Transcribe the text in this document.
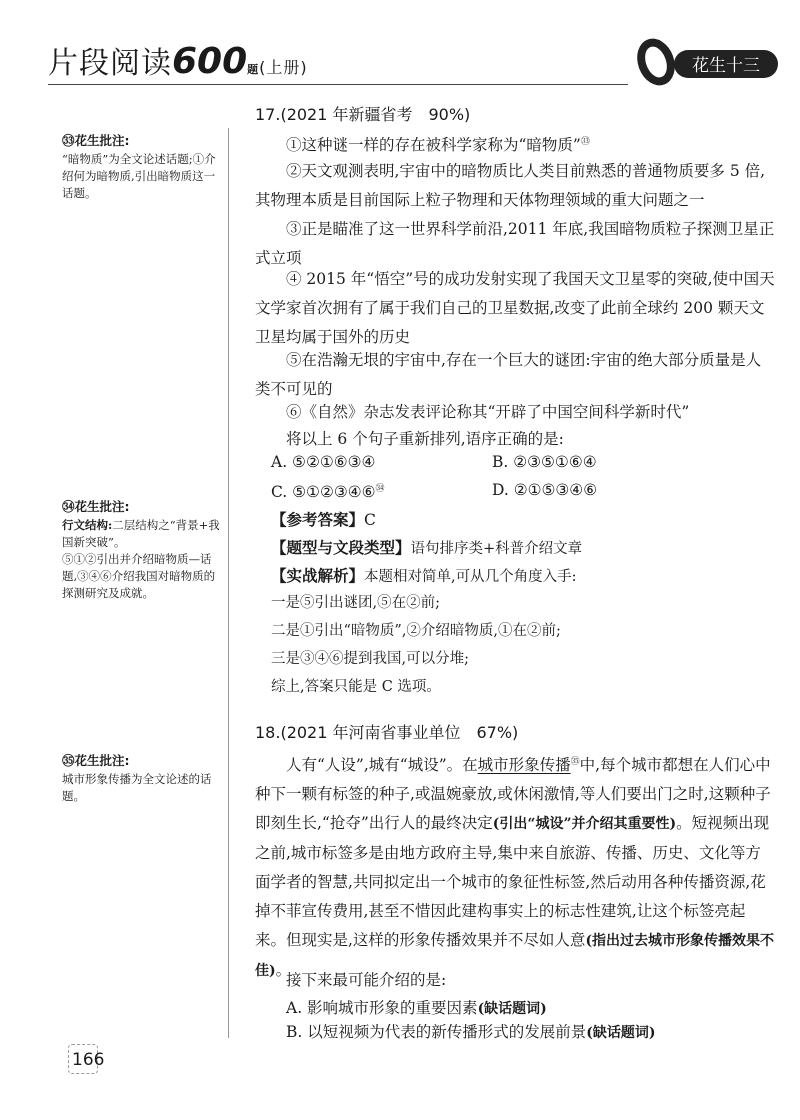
片段阅读600题(上册)	花生十三
17.(2021 年新疆省考　90%)
㉝花生批注:
“暗物质”为全文论述话题;①介绍何为暗物质,引出暗物质这一话题。
①这种谜一样的存在被科学家称为“暗物质”$^㉝$
②天文观测表明,宇宙中的暗物质比人类目前熟悉的普通物质要多 5 倍,其物理本质是目前国际上粒子物理和天体物理领域的重大问题之一
③正是瞄准了这一世界科学前沿,2011 年底,我国暗物质粒子探测卫星正式立项
④ 2015 年“悟空”号的成功发射实现了我国天文卫星零的突破,使中国天文学家首次拥有了属于我们自己的卫星数据,改变了此前全球约 200 颗天文卫星均属于国外的历史
⑤在浩瀚无垠的宇宙中,存在一个巨大的谜团:宇宙的绝大部分质量是人类不可见的
⑥《自然》杂志发表评论称其“开辟了中国空间科学新时代”
将以上 6 个句子重新排列,语序正确的是:
A. ⑤②①⑥③④	B. ②③⑤①⑥④
C. ⑤①②③④⑥$^㉞$	D. ②①⑤③④⑥
㉞花生批注:
行文结构:二层结构之“背景+我国新突破”。
⑤①②引出并介绍暗物质—话题,③④⑥介绍我国对暗物质的探测研究及成就。
【参考答案】C
【题型与文段类型】语句排序类+科普介绍文章
【实战解析】本题相对简单,可从几个角度入手:
一是⑤引出谜团,⑤在②前;
二是①引出“暗物质”,②介绍暗物质,①在②前;
三是③④⑥提到我国,可以分堆;
综上,答案只能是 C 选项。
18.(2021 年河南省事业单位　67%)
㉟花生批注:
城市形象传播为全文论述的话题。
人有“人设”,城有“城设”。在城市形象传播$^㉟$中,每个城市都想在人们心中种下一颗有标签的种子,或温婉豪放,或休闲激情,等人们要出门之时,这颗种子即刻生长,“抢夺”出行人的最终决定(引出“城设”并介绍其重要性)。短视频出现之前,城市标签多是由地方政府主导,集中来自旅游、传播、历史、文化等方面学者的智慧,共同拟定出一个城市的象征性标签,然后动用各种传播资源,花掉不菲宣传费用,甚至不惜因此建构事实上的标志性建筑,让这个标签亮起来。但现实是,这样的形象传播效果并不尽如人意(指出过去城市形象传播效果不佳)。
接下来最可能介绍的是:
A. 影响城市形象的重要因素(缺话题词)
B. 以短视频为代表的新传播形式的发展前景(缺话题词)
166
